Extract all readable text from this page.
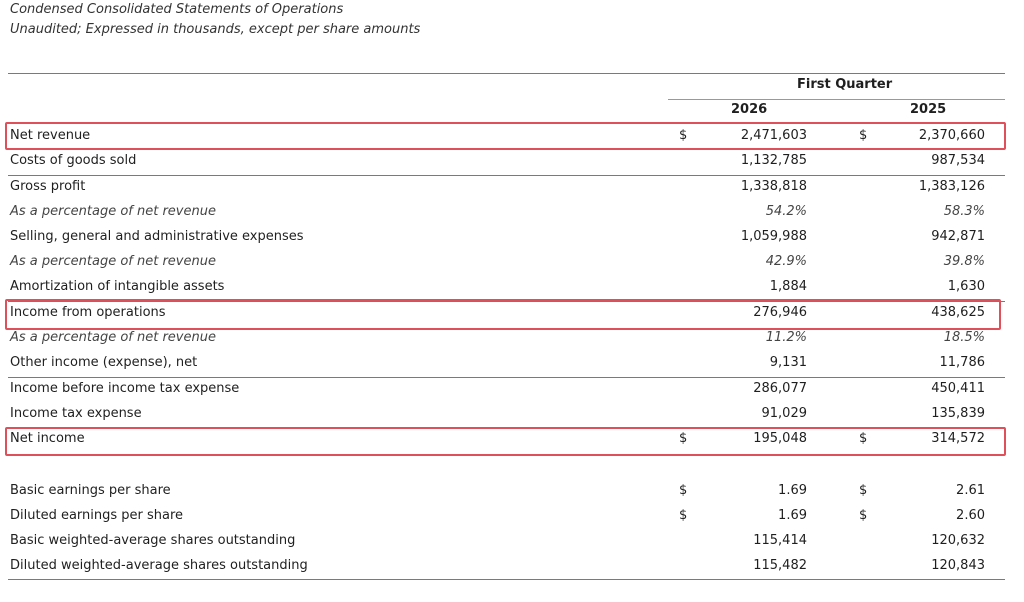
Condensed Consolidated Statements of Operations
Unaudited; Expressed in thousands, except per share amounts
First Quarter
2026	2025
Net revenue	$	2,471,603	$	2,370,660
Costs of goods sold	1,132,785	987,534
Gross profit	1,338,818	1,383,126
As a percentage of net revenue	54.2%	58.3%
Selling, general and administrative expenses	1,059,988	942,871
As a percentage of net revenue	42.9%	39.8%
Amortization of intangible assets	1,884	1,630
Income from operations	276,946	438,625
As a percentage of net revenue	11.2%	18.5%
Other income (expense), net	9,131	11,786
Income before income tax expense	286,077	450,411
Income tax expense	91,029	135,839
Net income	$	195,048	$	314,572
Basic earnings per share	$	1.69	$	2.61
Diluted earnings per share	$	1.69	$	2.60
Basic weighted-average shares outstanding	115,414	120,632
Diluted weighted-average shares outstanding	115,482	120,843
